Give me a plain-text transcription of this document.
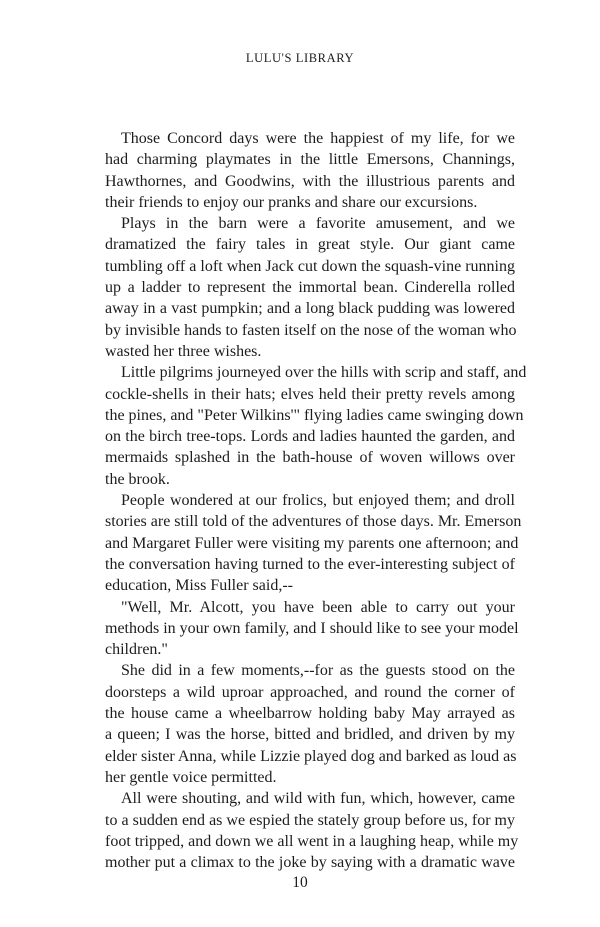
LULU'S LIBRARY
Those Concord days were the happiest of my life, for we
had charming playmates in the little Emersons, Channings,
Hawthornes, and Goodwins, with the illustrious parents and
their friends to enjoy our pranks and share our excursions.
Plays in the barn were a favorite amusement, and we
dramatized the fairy tales in great style. Our giant came
tumbling off a loft when Jack cut down the squash-vine running
up a ladder to represent the immortal bean. Cinderella rolled
away in a vast pumpkin; and a long black pudding was lowered
by invisible hands to fasten itself on the nose of the woman who
wasted her three wishes.
Little pilgrims journeyed over the hills with scrip and staff, and
cockle-shells in their hats; elves held their pretty revels among
the pines, and "Peter Wilkins'" flying ladies came swinging down
on the birch tree-tops. Lords and ladies haunted the garden, and
mermaids splashed in the bath-house of woven willows over
the brook.
People wondered at our frolics, but enjoyed them; and droll
stories are still told of the adventures of those days. Mr. Emerson
and Margaret Fuller were visiting my parents one afternoon; and
the conversation having turned to the ever-interesting subject of
education, Miss Fuller said,--
"Well, Mr. Alcott, you have been able to carry out your
methods in your own family, and I should like to see your model
children."
She did in a few moments,--for as the guests stood on the
doorsteps a wild uproar approached, and round the corner of
the house came a wheelbarrow holding baby May arrayed as
a queen; I was the horse, bitted and bridled, and driven by my
elder sister Anna, while Lizzie played dog and barked as loud as
her gentle voice permitted.
All were shouting, and wild with fun, which, however, came
to a sudden end as we espied the stately group before us, for my
foot tripped, and down we all went in a laughing heap, while my
mother put a climax to the joke by saying with a dramatic wave
10
